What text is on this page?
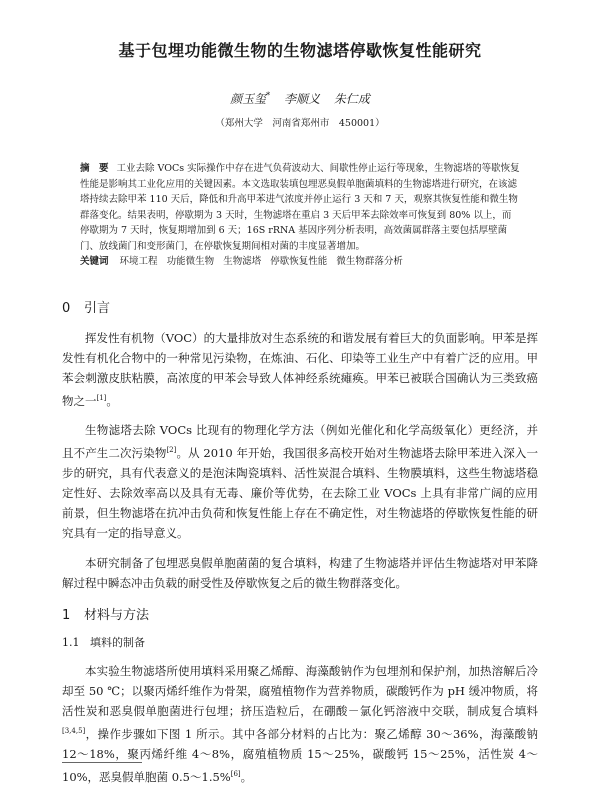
基于包埋功能微生物的生物滤塔停歇恢复性能研究
颜玉玺* 李顺义 朱仁成
（郑州大学　河南省郑州市　450001）
摘　要 工业去除 VOCs 实际操作中存在进气负荷波动大、间歇性停止运行等现象，生物滤塔的等歇恢复性能是影响其工业化应用的关键因素。本文选取装填包埋恶臭假单胞菌填料的生物滤塔进行研究，在该滤塔持续去除甲苯 110 天后，降低和升高甲苯进气浓度并停止运行 3 天和 7 天，观察其恢复性能和微生物群落变化。结果表明，停歇期为 3 天时，生物滤塔在重启 3 天后甲苯去除效率可恢复到 80% 以上，而停歇期为 7 天时，恢复期增加到 6 天；16S rRNA 基因序列分析表明，高效菌属群落主要包括厚壁菌门、放线菌门和变形菌门，在停歇恢复期间相对菌的丰度显著增加。
关键词 环境工程 功能微生物 生物滤塔 停歇恢复性能 微生物群落分析
0 引言

挥发性有机物（VOC）的大量排放对生态系统的和谐发展有着巨大的负面影响。甲苯是挥发性有机化合物中的一种常见污染物，在炼油、石化、印染等工业生产中有着广泛的应用。甲苯会刺激皮肤粘膜，高浓度的甲苯会导致人体神经系统瘫痪。甲苯已被联合国确认为三类致癌物之一[1]。

生物滤塔去除 VOCs 比现有的物理化学方法（例如光催化和化学高级氧化）更经济，并且不产生二次污染物[2]。从 2010 年开始，我国很多高校开始对生物滤塔去除甲苯进入深入一步的研究，具有代表意义的是泡沫陶瓷填料、活性炭混合填料、生物膜填料，这些生物滤塔稳定性好、去除效率高以及具有无毒、廉价等优势，在去除工业 VOCs 上具有非常广阔的应用前景，但生物滤塔在抗冲击负荷和恢复性能上存在不确定性，对生物滤塔的停歇恢复性能的研究具有一定的指导意义。

本研究制备了包埋恶臭假单胞菌菌的复合填料，构建了生物滤塔并评估生物滤塔对甲苯降解过程中瞬态冲击负载的耐受性及停歇恢复之后的微生物群落变化。

1 材料与方法
1.1 填料的制备

本实验生物滤塔所使用填料采用聚乙烯醇、海藻酸钠作为包埋剂和保护剂，加热溶解后冷却至 50 ℃；以聚丙烯纤维作为骨架，腐殖植物作为营养物质，碳酸钙作为 pH 缓冲物质，将活性炭和恶臭假单胞菌进行包埋；挤压造粒后，在硼酸－氯化钙溶液中交联，制成复合填料[3,4,5]，操作步骤如下图 1 所示。其中各部分材料的占比为：聚乙烯醇 30～36%，海藻酸钠 12～18%，聚丙烯纤维 4～8%，腐殖植物质 15～25%，碳酸钙 15～25%，活性炭 4～10%，恶臭假单胞菌 0.5～1.5%[6]。
